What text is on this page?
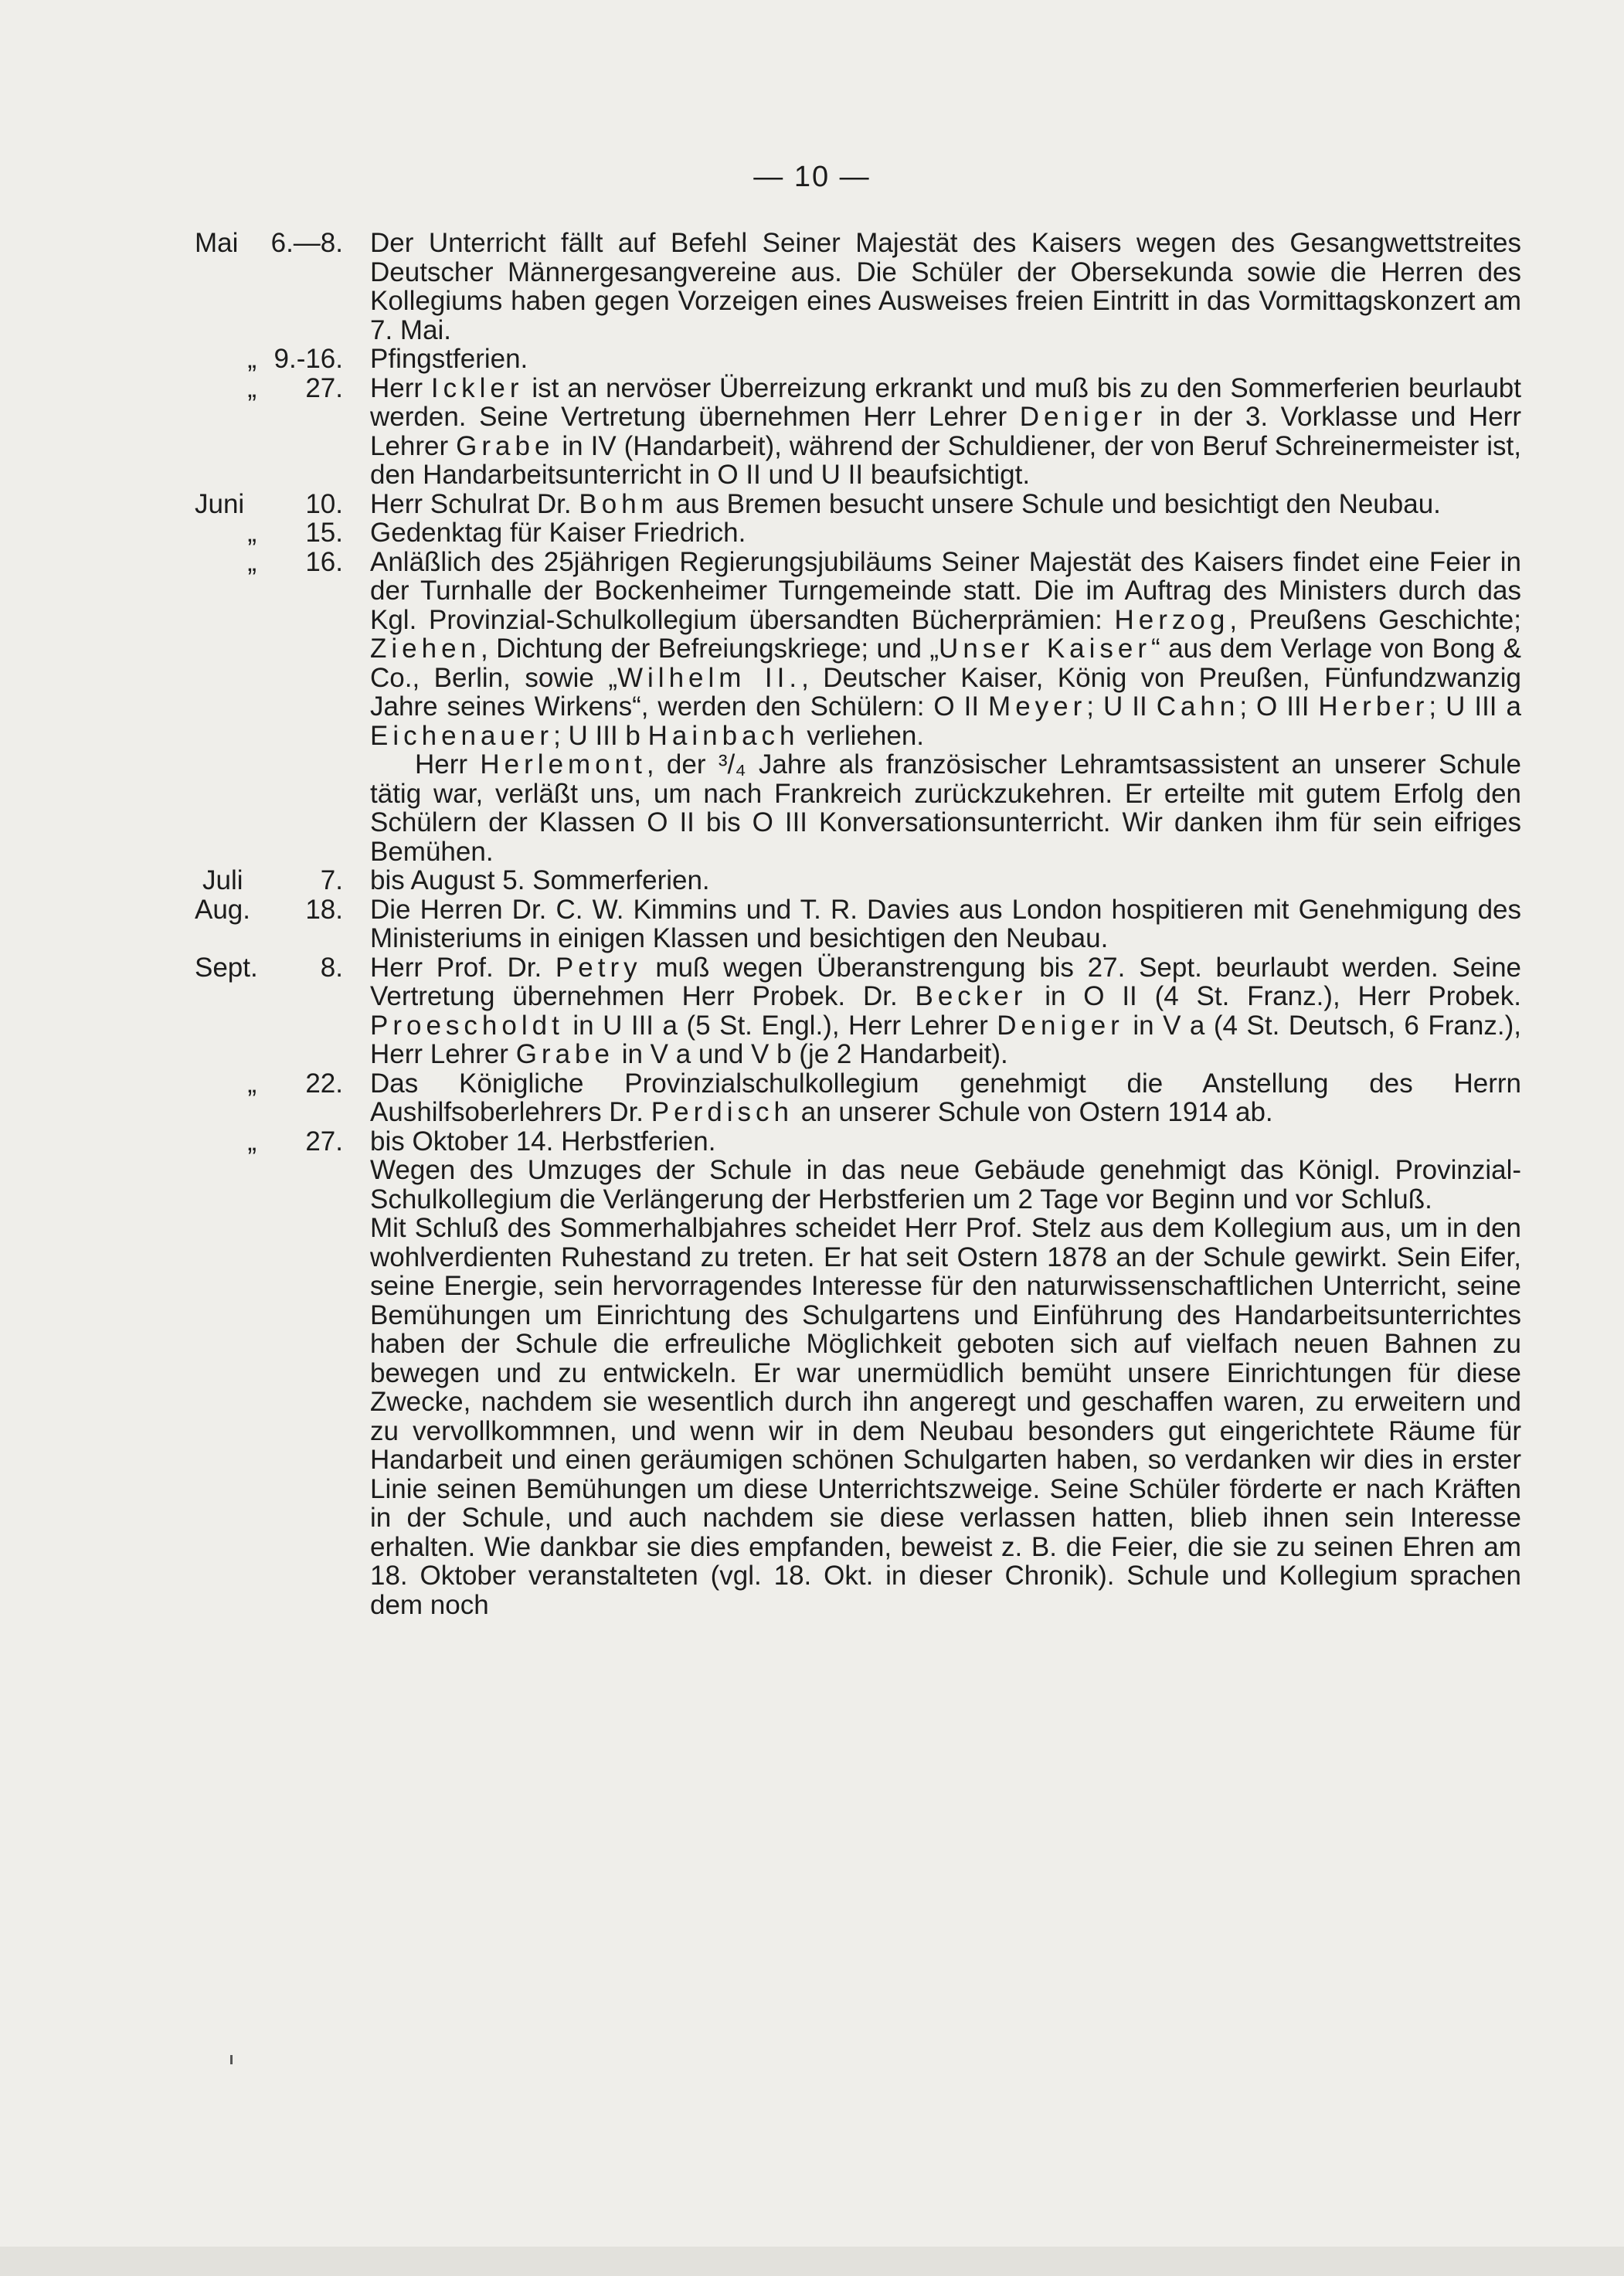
— 10 —
Mai	6.—8. Der Unterricht fällt auf Befehl Seiner Majestät des Kaisers wegen des Gesangwettstreites Deutscher Männergesangvereine aus. Die Schüler der Obersekunda sowie die Herren des Kollegiums haben gegen Vorzeigen eines Ausweises freien Eintritt in das Vormittagskonzert am 7. Mai.

„ 9.-16. Pfingstferien.

„	27. Herr Ickler ist an nervöser Überreizung erkrankt und muß bis zu den Sommerferien beurlaubt werden. Seine Vertretung übernehmen Herr Lehrer Deniger in der 3. Vorklasse und Herr Lehrer Grabe in IV (Handarbeit), während der Schuldiener, der von Beruf Schreinermeister ist, den Handarbeitsunterricht in O II und U II beaufsichtigt.

Juni	10. Herr Schulrat Dr. Bohm aus Bremen besucht unsere Schule und besichtigt den Neubau.

„	15. Gedenktag für Kaiser Friedrich.

„	16. Anläßlich des 25jährigen Regierungsjubiläums Seiner Majestät des Kaisers findet eine Feier in der Turnhalle der Bockenheimer Turngemeinde statt. Die im Auftrag des Ministers durch das Kgl. Provinzial-Schulkollegium übersandten Bücherprämien: Herzog, Preußens Geschichte; Ziehen, Dichtung der Befreiungskriege; und „Unser Kaiser“ aus dem Verlage von Bong & Co., Berlin, sowie „Wilhelm II., Deutscher Kaiser, König von Preußen, Fünfundzwanzig Jahre seines Wirkens“, werden den Schülern: O II Meyer; U II Cahn; O III Herber; U III a Eichenauer; U III b Hainbach verliehen.

Herr Herlemont, der ³/₄ Jahre als französischer Lehramtsassistent an unserer Schule tätig war, verläßt uns, um nach Frankreich zurückzukehren. Er erteilte mit gutem Erfolg den Schülern der Klassen O II bis O III Konversationsunterricht. Wir danken ihm für sein eifriges Bemühen.

Juli	7. bis August 5. Sommerferien.

Aug.	18. Die Herren Dr. C. W. Kimmins und T. R. Davies aus London hospitieren mit Genehmigung des Ministeriums in einigen Klassen und besichtigen den Neubau.

Sept.	8. Herr Prof. Dr. Petry muß wegen Überanstrengung bis 27. Sept. beurlaubt werden. Seine Vertretung übernehmen Herr Probek. Dr. Becker in O II (4 St. Franz.), Herr Probek. Proescholdt in U III a (5 St. Engl.), Herr Lehrer Deniger in V a (4 St. Deutsch, 6 Franz.), Herr Lehrer Grabe in V a und V b (je 2 Handarbeit).

„	22. Das Königliche Provinzialschulkollegium genehmigt die Anstellung des Herrn Aushilfsoberlehrers Dr. Perdisch an unserer Schule von Ostern 1914 ab.

„	27. bis Oktober 14. Herbstferien.

Wegen des Umzuges der Schule in das neue Gebäude genehmigt das Königl. Provinzial-Schulkollegium die Verlängerung der Herbstferien um 2 Tage vor Beginn und vor Schluß.

Mit Schluß des Sommerhalbjahres scheidet Herr Prof. Stelz aus dem Kollegium aus, um in den wohlverdienten Ruhestand zu treten. Er hat seit Ostern 1878 an der Schule gewirkt. Sein Eifer, seine Energie, sein hervorragendes Interesse für den naturwissenschaftlichen Unterricht, seine Bemühungen um Einrichtung des Schulgartens und Einführung des Handarbeitsunterrichtes haben der Schule die erfreuliche Möglichkeit geboten sich auf vielfach neuen Bahnen zu bewegen und zu entwickeln. Er war unermüdlich bemüht unsere Einrichtungen für diese Zwecke, nachdem sie wesentlich durch ihn angeregt und geschaffen waren, zu erweitern und zu vervollkommnen, und wenn wir in dem Neubau besonders gut eingerichtete Räume für Handarbeit und einen geräumigen schönen Schulgarten haben, so verdanken wir dies in erster Linie seinen Bemühungen um diese Unterrichtszweige. Seine Schüler förderte er nach Kräften in der Schule, und auch nachdem sie diese verlassen hatten, blieb ihnen sein Interesse erhalten. Wie dankbar sie dies empfanden, beweist z. B. die Feier, die sie zu seinen Ehren am 18. Oktober veranstalteten (vgl. 18. Okt. in dieser Chronik). Schule und Kollegium sprachen dem noch
